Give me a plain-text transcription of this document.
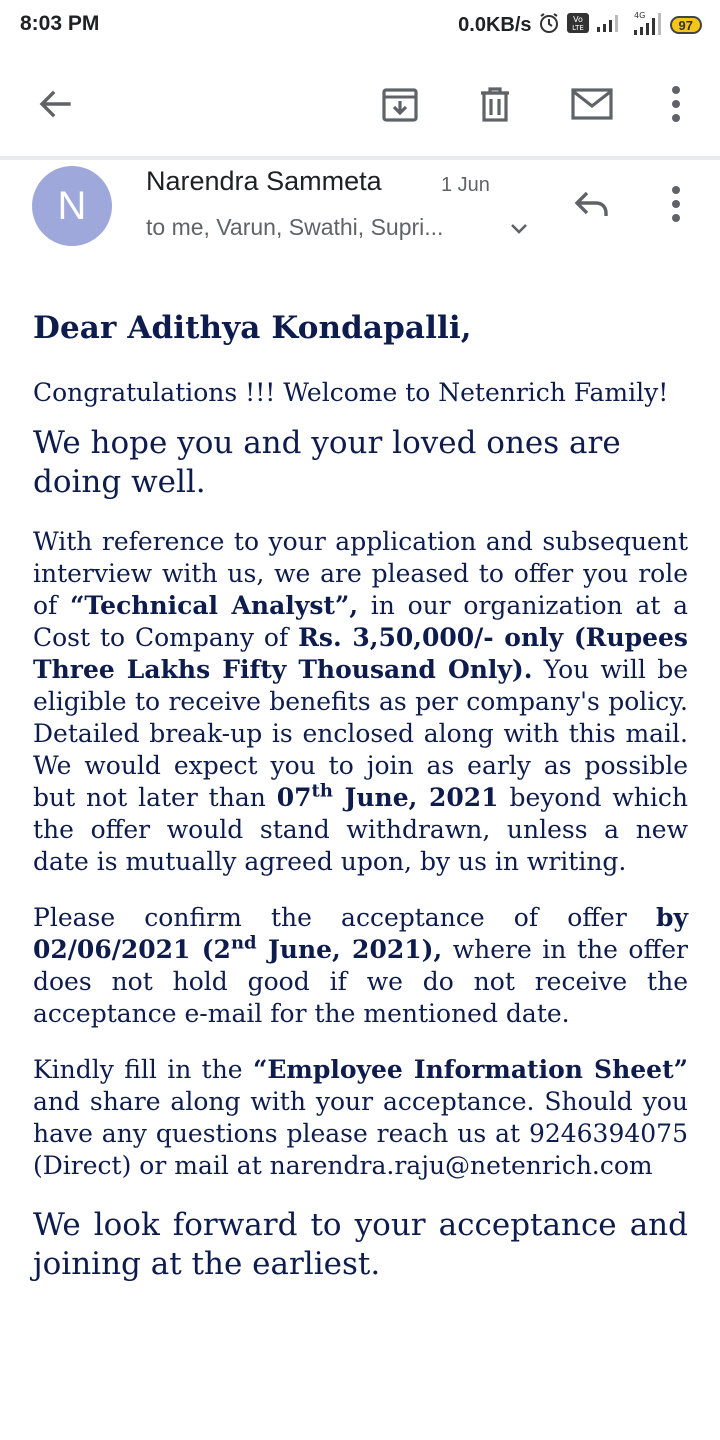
8:03 PM	0.0KB/s	Vo
LTE
4G
97
N
Narendra Sammeta	1 Jun
to me, Varun, Swathi, Supri...

Dear Adithya Kondapalli,

Congratulations !!! Welcome to Netenrich Family!

We hope you and your loved ones are doing well.

With reference to your application and subsequent interview with us, we are pleased to offer you role of “Technical Analyst”, in our organization at a Cost to Company of Rs. 3,50,000/- only (Rupees Three Lakhs Fifty Thousand Only). You will be eligible to receive benefits as per company's policy. Detailed break-up is enclosed along with this mail. We would expect you to join as early as possible but not later than 07th June, 2021 beyond which the offer would stand withdrawn, unless a new date is mutually agreed upon, by us in writing.

Please confirm the acceptance of offer by 02/06/2021 (2nd June, 2021), where in the offer does not hold good if we do not receive the acceptance e-mail for the mentioned date.

Kindly fill in the “Employee Information Sheet” and share along with your acceptance. Should you have any questions please reach us at 9246394075 (Direct) or mail at narendra.raju@netenrich.com

We look forward to your acceptance and joining at the earliest.
